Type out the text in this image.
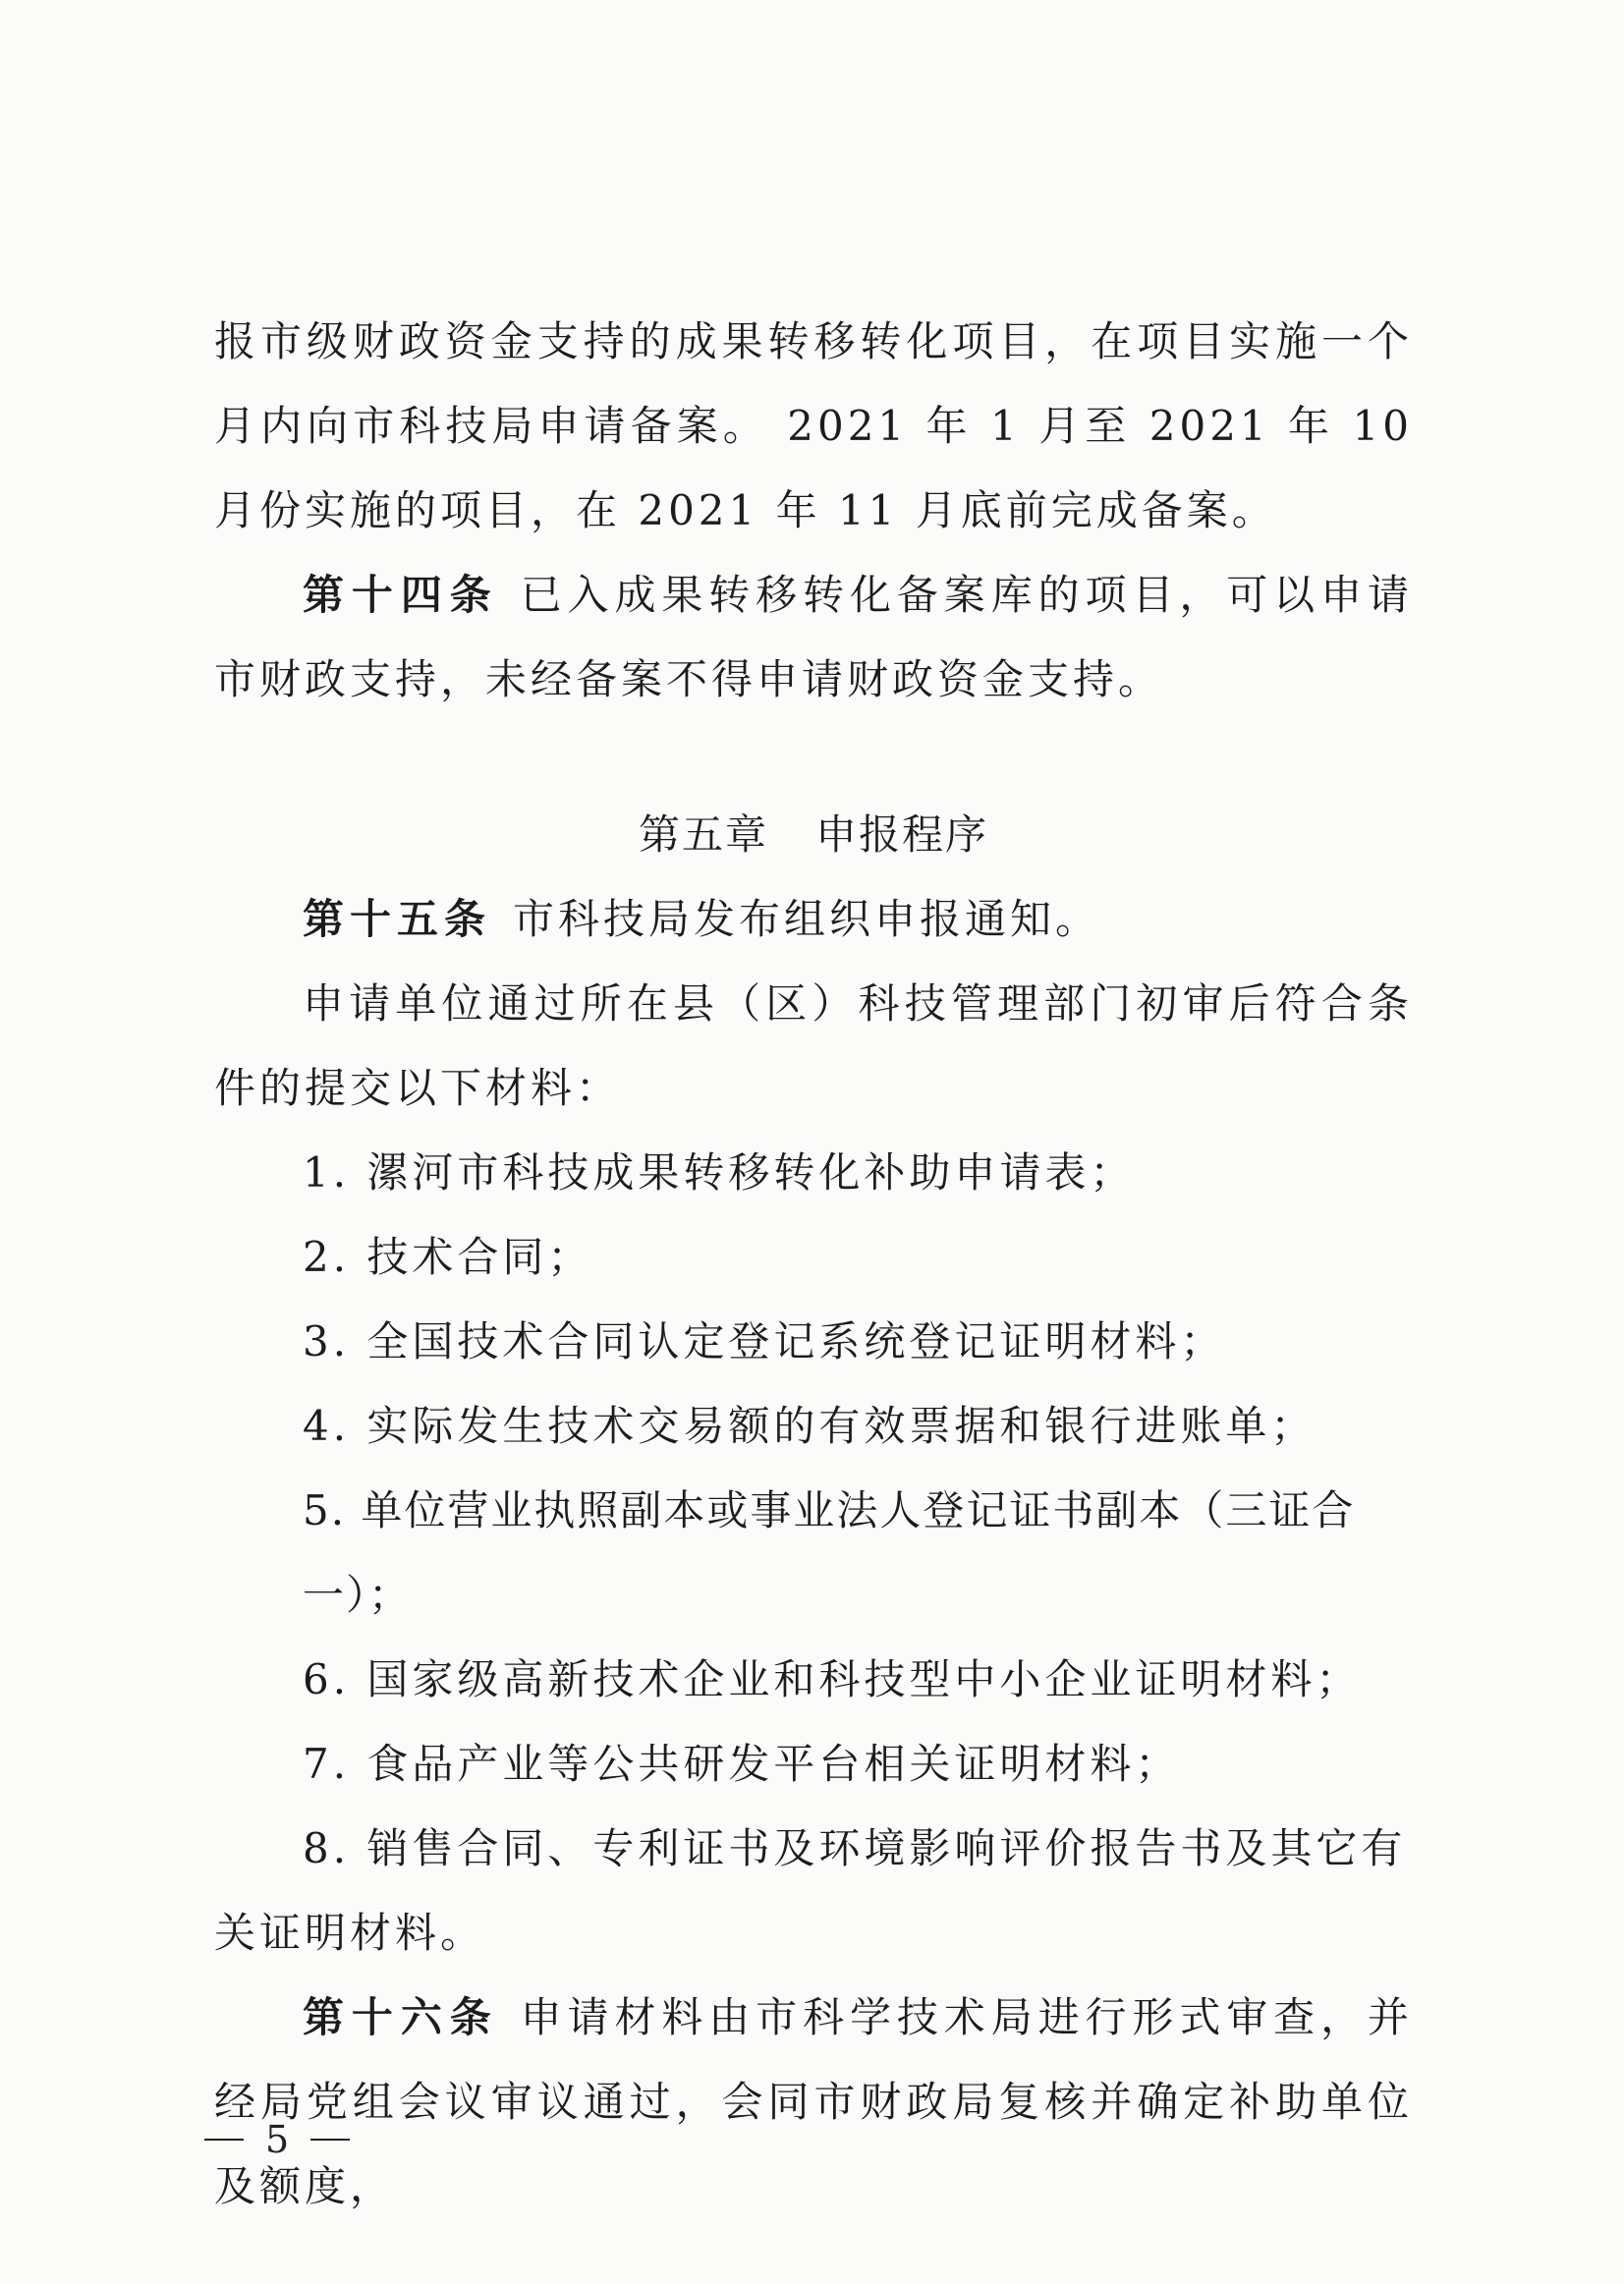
报市级财政资金支持的成果转移转化项目，在项目实施一个月内向市科技局申请备案。 2021 年 1 月至 2021 年 10 月份实施的项目，在 2021 年 11 月底前完成备案。

第十四条 已入成果转移转化备案库的项目，可以申请市财政支持，未经备案不得申请财政资金支持。

第五章 申报程序

第十五条 市科技局发布组织申报通知。

申请单位通过所在县（区）科技管理部门初审后符合条件的提交以下材料：

1. 漯河市科技成果转移转化补助申请表；

2. 技术合同；

3. 全国技术合同认定登记系统登记证明材料；

4. 实际发生技术交易额的有效票据和银行进账单；

5. 单位营业执照副本或事业法人登记证书副本（三证合一）；

6. 国家级高新技术企业和科技型中小企业证明材料；

7. 食品产业等公共研发平台相关证明材料；

8. 销售合同、专利证书及环境影响评价报告书及其它有关证明材料。

第十六条 申请材料由市科学技术局进行形式审查，并经局党组会议审议通过，会同市财政局复核并确定补助单位及额度，

5
